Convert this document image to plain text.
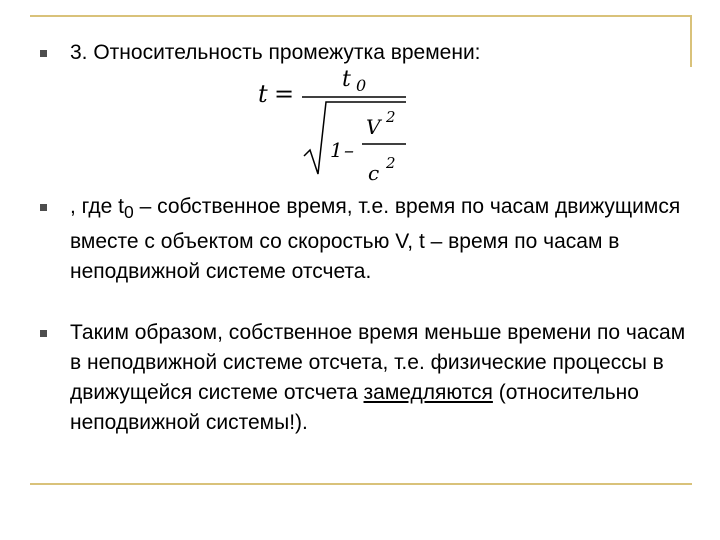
3. Относительность промежутка времени:
t =
t 0
1 –
V 2
c 2
, где $t_0$ – собственное время, т.е. время по часам движущимся вместе с объектом со скоростью V, t – время по часам в неподвижной системе отсчета.
Таким образом, собственное время меньше времени по часам в неподвижной системе отсчета, т.е. физические процессы в движущейся системе отсчета замедляются (относительно неподвижной системы!).
